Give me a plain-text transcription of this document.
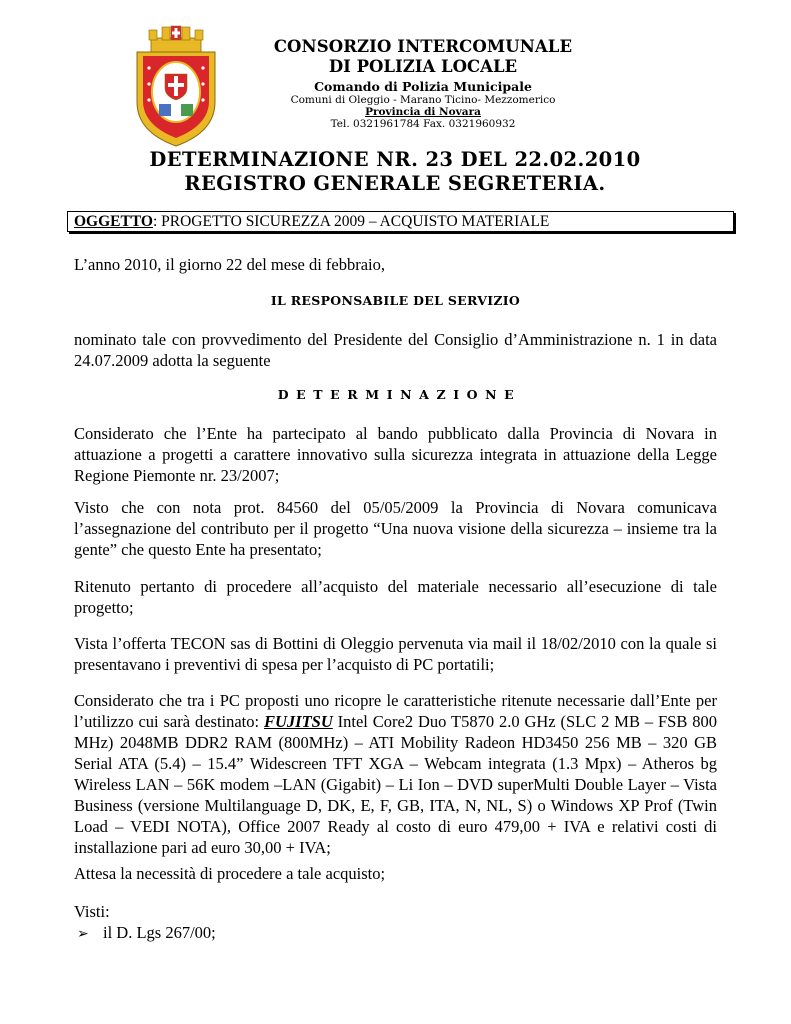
CONSORZIO INTERCOMUNALE
DI POLIZIA LOCALE
Comando di Polizia Municipale
Comuni di Oleggio - Marano Ticino- Mezzomerico
Provincia di Novara
Tel. 0321961784 Fax. 0321960932
DETERMINAZIONE NR. 23 DEL 22.02.2010
REGISTRO GENERALE SEGRETERIA.
OGGETTO: PROGETTO SICUREZZA 2009 – ACQUISTO MATERIALE
L’anno 2010, il giorno 22 del mese di febbraio,
IL RESPONSABILE DEL SERVIZIO
nominato tale con provvedimento del Presidente del Consiglio d’Amministrazione n. 1 in data 24.07.2009 adotta la seguente
DETERMINAZIONE
Considerato che l’Ente ha partecipato al bando pubblicato dalla Provincia di Novara in attuazione a progetti a carattere innovativo sulla sicurezza integrata in attuazione della Legge Regione Piemonte nr. 23/2007;
Visto che con nota prot. 84560 del 05/05/2009 la Provincia di Novara comunicava l’assegnazione del contributo per il progetto “Una nuova visione della sicurezza – insieme tra la gente” che questo Ente ha presentato;
Ritenuto pertanto di procedere all’acquisto del materiale necessario all’esecuzione di tale progetto;
Vista l’offerta TECON sas di Bottini di Oleggio pervenuta via mail il 18/02/2010 con la quale si presentavano i preventivi di spesa per l’acquisto di PC portatili;
Considerato che tra i PC proposti uno ricopre le caratteristiche ritenute necessarie dall’Ente per l’utilizzo cui sarà destinato: FUJITSU Intel Core2 Duo T5870 2.0 GHz (SLC 2 MB – FSB 800 MHz) 2048MB DDR2 RAM (800MHz) – ATI Mobility Radeon HD3450 256 MB – 320 GB Serial ATA (5.4) – 15.4” Widescreen TFT XGA – Webcam integrata (1.3 Mpx) – Atheros bg Wireless LAN – 56K modem –LAN (Gigabit) – Li Ion – DVD superMulti Double Layer – Vista Business (versione Multilanguage D, DK, E, F, GB, ITA, N, NL, S) o Windows XP Prof (Twin Load – VEDI NOTA), Office 2007 Ready al costo di euro 479,00 + IVA e relativi costi di installazione pari ad euro 30,00 + IVA;
Attesa la necessità di procedere a tale acquisto;
Visti:
➢ il D. Lgs 267/00;
